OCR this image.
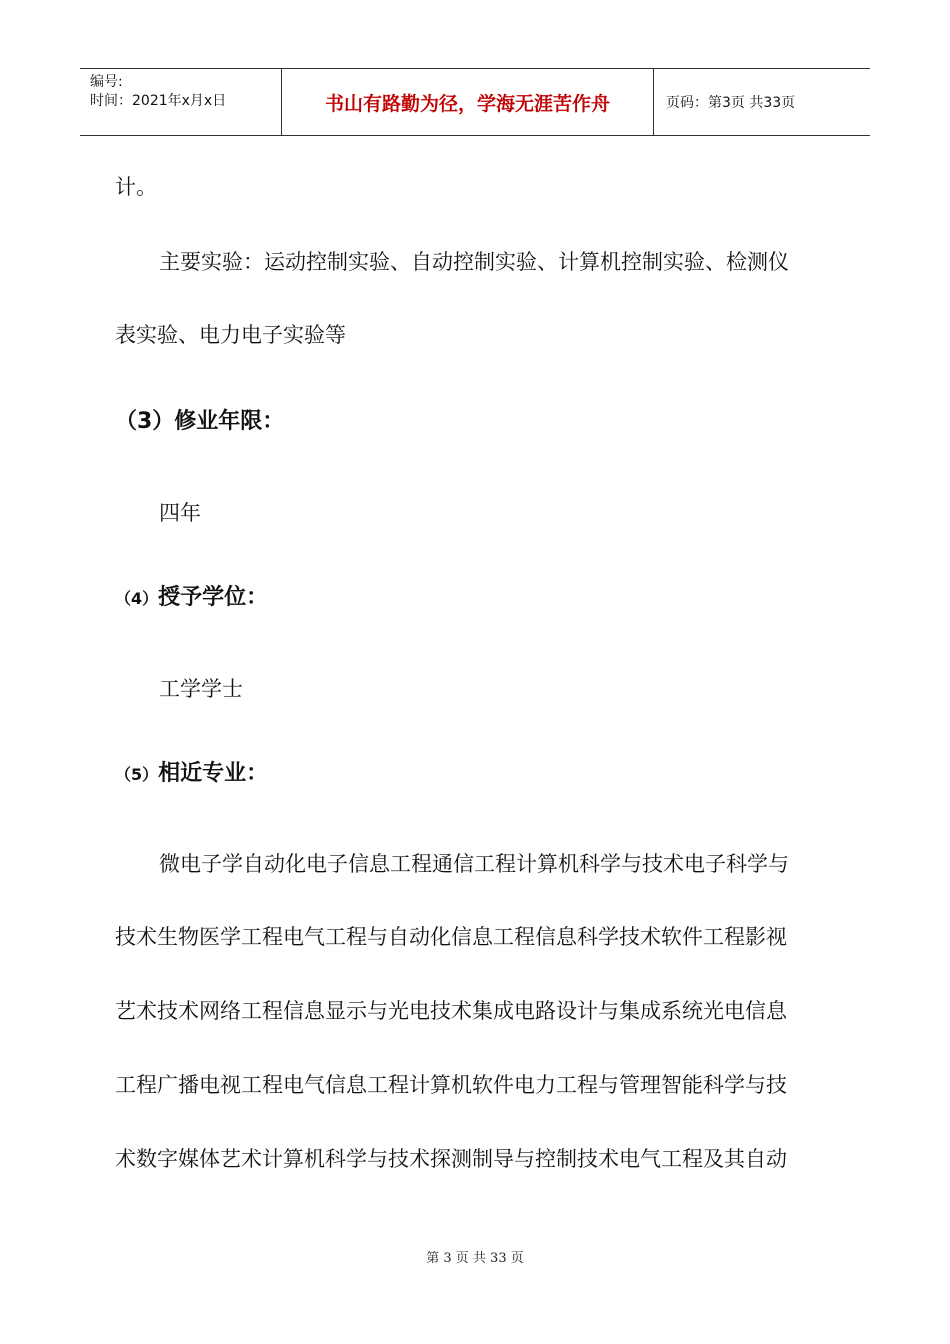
编号:
时间：2021年x月x日	书山有路勤为径，学海无涯苦作舟	页码：第3页 共33页

计。

主要实验：运动控制实验、自动控制实验、计算机控制实验、检测仪

表实验、电力电子实验等

（3）修业年限：

四年

（4）授予学位：

工学学士

（5）相近专业：

微电子学自动化电子信息工程通信工程计算机科学与技术电子科学与

技术生物医学工程电气工程与自动化信息工程信息科学技术软件工程影视

艺术技术网络工程信息显示与光电技术集成电路设计与集成系统光电信息

工程广播电视工程电气信息工程计算机软件电力工程与管理智能科学与技

术数字媒体艺术计算机科学与技术探测制导与控制技术电气工程及其自动

第 3 页 共 33 页
